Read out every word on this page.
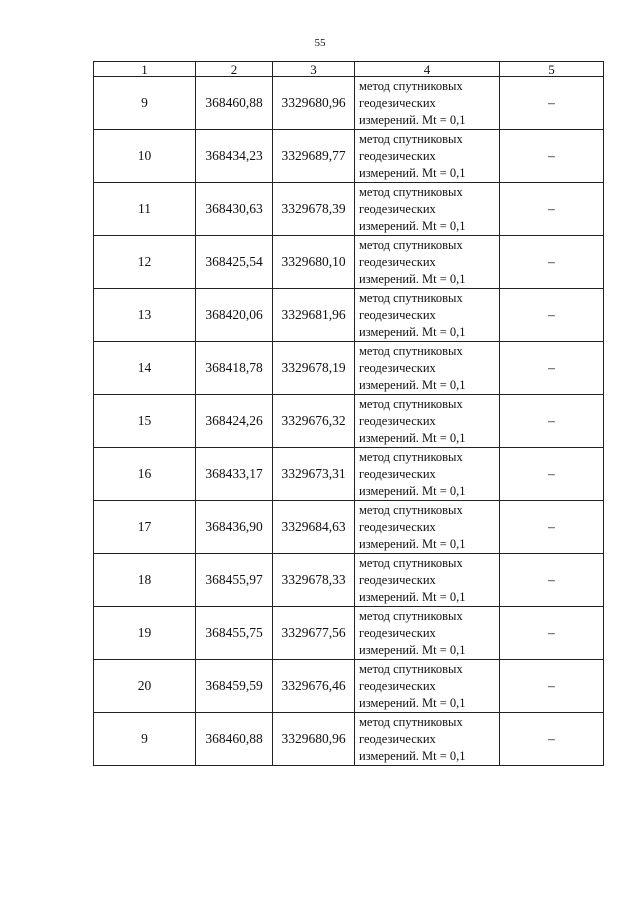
55
1	2	3	4	5
9	368460,88	3329680,96	метод спутниковых
геодезических
измерений. Mt = 0,1	–
10	368434,23	3329689,77	метод спутниковых
геодезических
измерений. Mt = 0,1	–
11	368430,63	3329678,39	метод спутниковых
геодезических
измерений. Mt = 0,1	–
12	368425,54	3329680,10	метод спутниковых
геодезических
измерений. Mt = 0,1	–
13	368420,06	3329681,96	метод спутниковых
геодезических
измерений. Mt = 0,1	–
14	368418,78	3329678,19	метод спутниковых
геодезических
измерений. Mt = 0,1	–
15	368424,26	3329676,32	метод спутниковых
геодезических
измерений. Mt = 0,1	–
16	368433,17	3329673,31	метод спутниковых
геодезических
измерений. Mt = 0,1	–
17	368436,90	3329684,63	метод спутниковых
геодезических
измерений. Mt = 0,1	–
18	368455,97	3329678,33	метод спутниковых
геодезических
измерений. Mt = 0,1	–
19	368455,75	3329677,56	метод спутниковых
геодезических
измерений. Mt = 0,1	–
20	368459,59	3329676,46	метод спутниковых
геодезических
измерений. Mt = 0,1	–
9	368460,88	3329680,96	метод спутниковых
геодезических
измерений. Mt = 0,1	–
